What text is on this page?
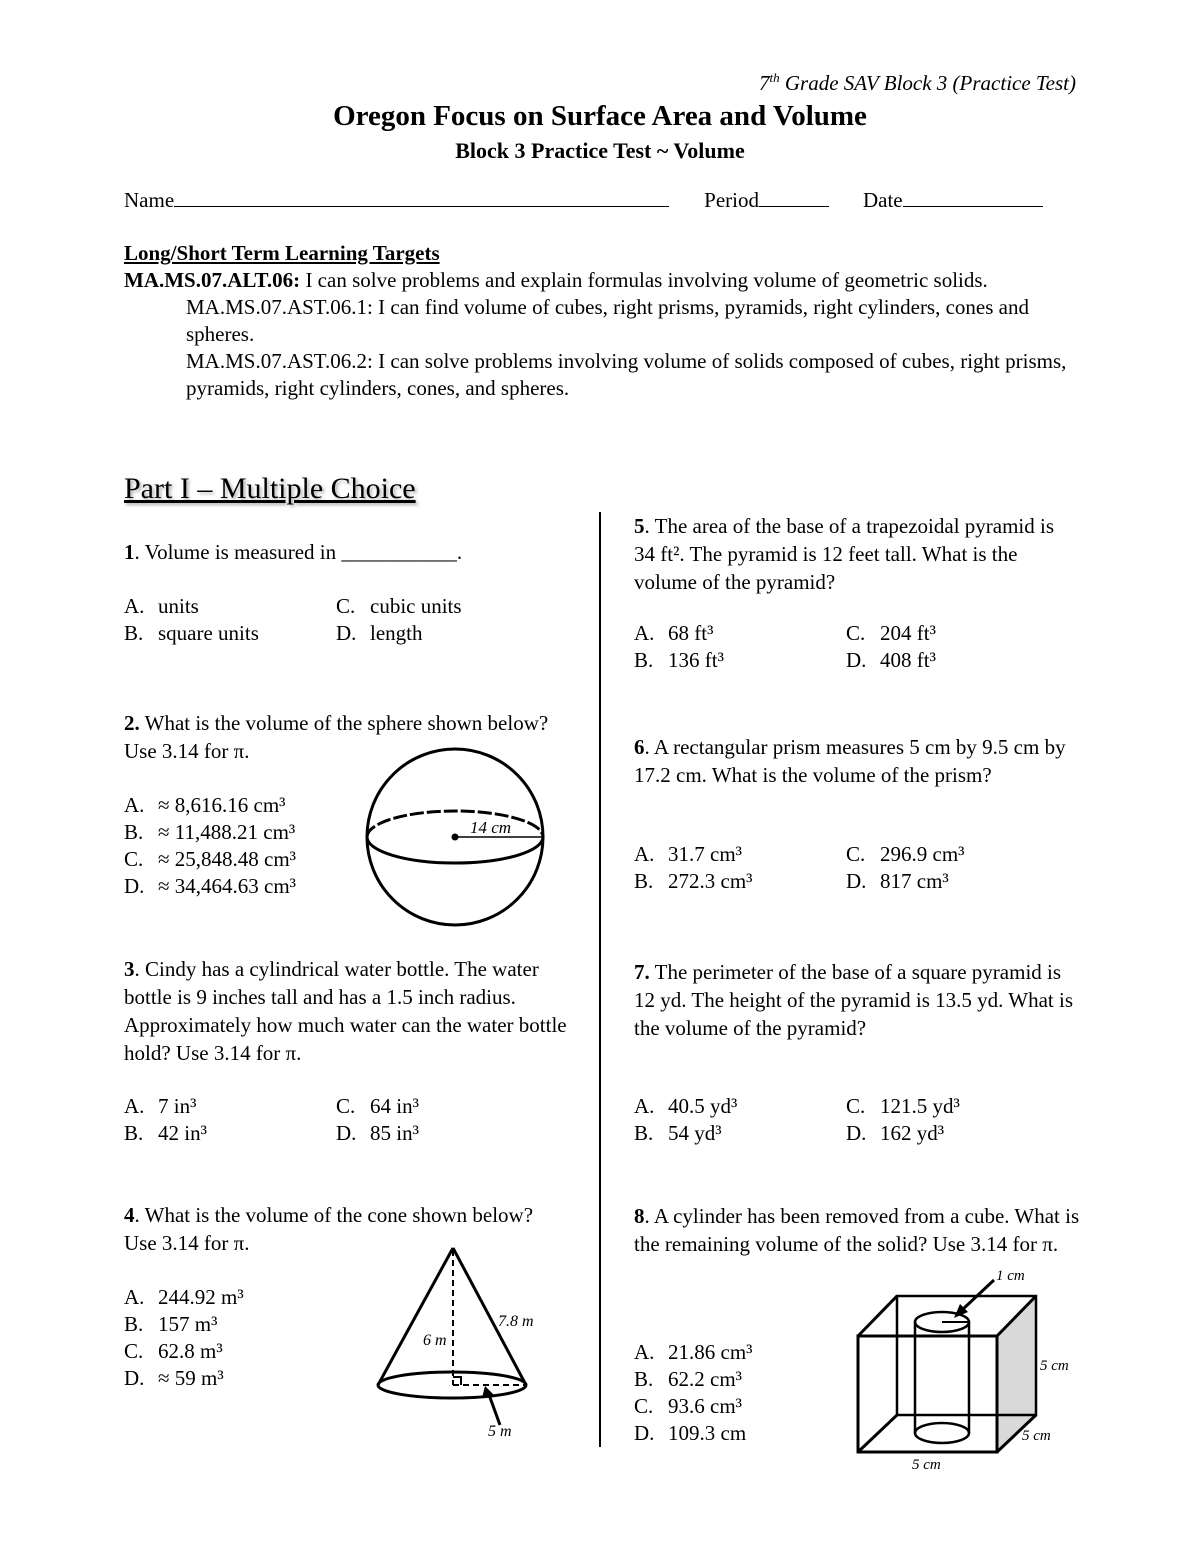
7th Grade SAV Block 3 (Practice Test)
Oregon Focus on Surface Area and Volume
Block 3 Practice Test ~ Volume
Name	Period	Date
Long/Short Term Learning Targets
MA.MS.07.ALT.06: I can solve problems and explain formulas involving volume of geometric solids.
MA.MS.07.AST.06.1: I can find volume of cubes, right prisms, pyramids, right cylinders, cones and spheres.
MA.MS.07.AST.06.2: I can solve problems involving volume of solids composed of cubes, right prisms, pyramids, right cylinders, cones, and spheres.
Part I – Multiple Choice
1. Volume is measured in ___________.
A. units
B. square units
C. cubic units
D. length
2. What is the volume of the sphere shown below? Use 3.14 for π.
A. ≈ 8,616.16 cm³
B. ≈ 11,488.21 cm³
C. ≈ 25,848.48 cm³
D. ≈ 34,464.63 cm³
14 cm
3. Cindy has a cylindrical water bottle. The water bottle is 9 inches tall and has a 1.5 inch radius. Approximately how much water can the water bottle hold? Use 3.14 for π.
A. 7 in³
B. 42 in³
C. 64 in³
D. 85 in³
4. What is the volume of the cone shown below? Use 3.14 for π.
A. 244.92 m³
B. 157 m³
C. 62.8 m³
D. ≈ 59 m³
6 m
7.8 m
5 m
5. The area of the base of a trapezoidal pyramid is 34 ft². The pyramid is 12 feet tall. What is the volume of the pyramid?
A. 68 ft³
B. 136 ft³
C. 204 ft³
D. 408 ft³
6. A rectangular prism measures 5 cm by 9.5 cm by 17.2 cm. What is the volume of the prism?
A. 31.7 cm³
B. 272.3 cm³
C. 296.9 cm³
D. 817 cm³
7. The perimeter of the base of a square pyramid is 12 yd. The height of the pyramid is 13.5 yd. What is the volume of the pyramid?
A. 40.5 yd³
B. 54 yd³
C. 121.5 yd³
D. 162 yd³
8. A cylinder has been removed from a cube. What is the remaining volume of the solid? Use 3.14 for π.
A. 21.86 cm³
B. 62.2 cm³
C. 93.6 cm³
D. 109.3 cm
1 cm
5 cm
5 cm
5 cm
